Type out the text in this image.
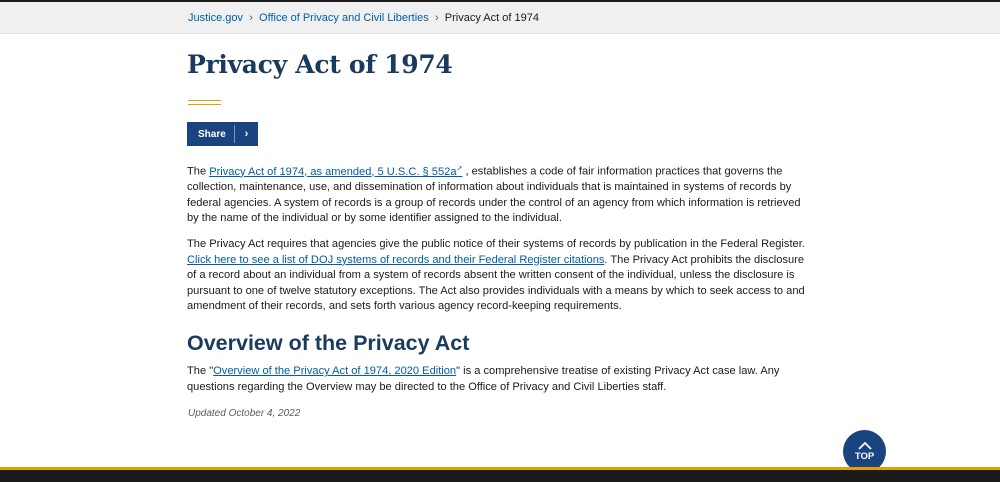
Justice.gov › Office of Privacy and Civil Liberties › Privacy Act of 1974
Privacy Act of 1974
Share	›

The Privacy Act of 1974, as amended, 5 U.S.C. § 552a↗ , establishes a code of fair information practices that governs the collection, maintenance, use, and dissemination of information about individuals that is maintained in systems of records by federal agencies. A system of records is a group of records under the control of an agency from which information is retrieved by the name of the individual or by some identifier assigned to the individual.

The Privacy Act requires that agencies give the public notice of their systems of records by publication in the Federal Register. Click here to see a list of DOJ systems of records and their Federal Register citations. The Privacy Act prohibits the disclosure of a record about an individual from a system of records absent the written consent of the individual, unless the disclosure is pursuant to one of twelve statutory exceptions. The Act also provides individuals with a means by which to seek access to and amendment of their records, and sets forth various agency record-keeping requirements.

Overview of the Privacy Act

The "Overview of the Privacy Act of 1974, 2020 Edition" is a comprehensive treatise of existing Privacy Act case law. Any questions regarding the Overview may be directed to the Office of Privacy and Civil Liberties staff.

Updated October 4, 2022
TOP
